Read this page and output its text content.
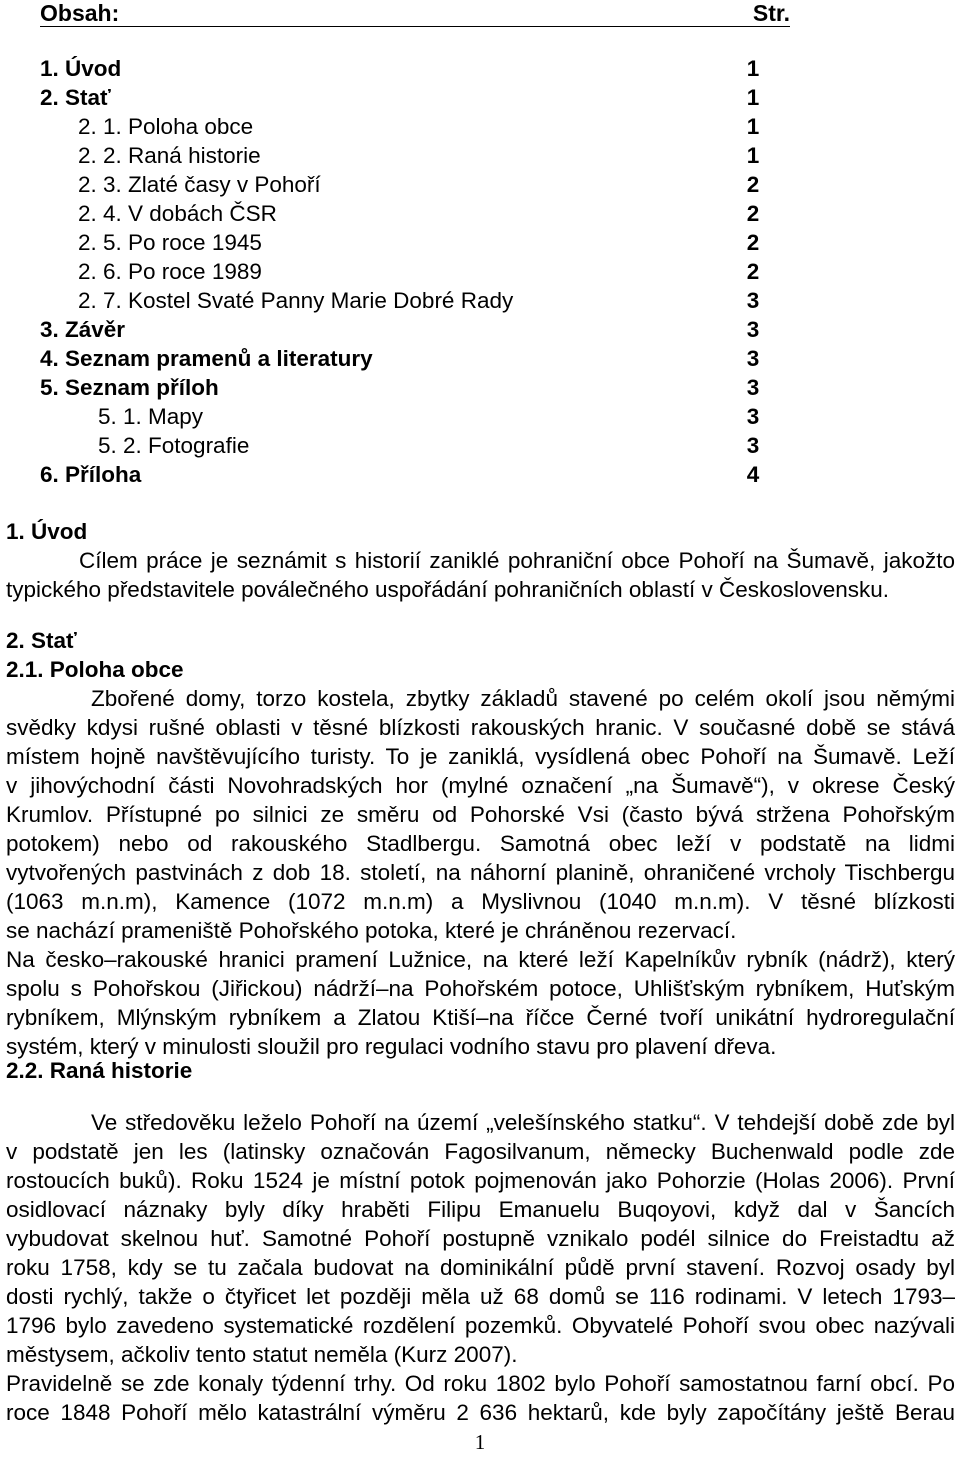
Obsah:	Str.
1. Úvod	1
2. Stať	1
2. 1. Poloha obce	1
2. 2. Raná historie	1
2. 3. Zlaté časy v Pohoří	2
2. 4. V dobách ČSR	2
2. 5. Po roce 1945	2
2. 6. Po roce 1989	2
2. 7. Kostel Svaté Panny Marie Dobré Rady	3
3. Závěr	3
4. Seznam pramenů a literatury	3
5. Seznam příloh	3
5. 1. Mapy	3
5. 2. Fotografie	3
6. Příloha	4
1. Úvod
Cílem práce je seznámit s historií zaniklé pohraniční obce Pohoří na Šumavě, jakožto
typického představitele poválečného uspořádání pohraničních oblastí v Československu.
2. Stať
2.1. Poloha obce
Zbořené domy, torzo kostela, zbytky základů stavené po celém okolí jsou němými
svědky kdysi rušné oblasti v těsné blízkosti rakouských hranic. V současné době se stává
místem hojně navštěvujícího turisty. To je zaniklá, vysídlená obec Pohoří na Šumavě. Leží
v jihovýchodní části Novohradských hor (mylné označení „na Šumavě“), v okrese Český
Krumlov. Přístupné po silnici ze směru od Pohorské Vsi (často bývá stržena Pohořským
potokem) nebo od rakouského Stadlbergu. Samotná obec leží v podstatě na lidmi
vytvořených pastvinách z dob 18. století, na náhorní planině, ohraničené vrcholy Tischbergu
(1063 m.n.m), Kamence (1072 m.n.m) a Myslivnou (1040 m.n.m). V těsné blízkosti
se nachází prameniště Pohořského potoka, které je chráněnou rezervací.
Na česko–rakouské hranici pramení Lužnice, na které leží Kapelníkův rybník (nádrž), který
spolu s Pohořskou (Jiřickou) nádrží–na Pohořském potoce, Uhlišťským rybníkem, Huťským
rybníkem, Mlýnským rybníkem a Zlatou Ktiší–na říčce Černé tvoří unikátní hydroregulační
systém, který v minulosti sloužil pro regulaci vodního stavu pro plavení dřeva.
2.2. Raná historie
Ve středověku leželo Pohoří na území „velešínského statku“. V tehdejší době zde byl
v podstatě jen les (latinsky označován Fagosilvanum, německy Buchenwald podle zde
rostoucích buků). Roku 1524 je místní potok pojmenován jako Pohorzie (Holas 2006). První
osidlovací náznaky byly díky hraběti Filipu Emanuelu Buqoyovi, když dal v Šancích
vybudovat skelnou huť. Samotné Pohoří postupně vznikalo podél silnice do Freistadtu až
roku 1758, kdy se tu začala budovat na dominikální půdě první stavení. Rozvoj osady byl
dosti rychlý, takže o čtyřicet let později měla už 68 domů se 116 rodinami. V letech 1793–
1796 bylo zavedeno systematické rozdělení pozemků. Obyvatelé Pohoří svou obec nazývali
městysem, ačkoliv tento statut neměla (Kurz 2007).
Pravidelně se zde konaly týdenní trhy. Od roku 1802 bylo Pohoří samostatnou farní obcí. Po
roce 1848 Pohoří mělo katastrální výměru 2 636 hektarů, kde byly započítány ještě Berau
1
